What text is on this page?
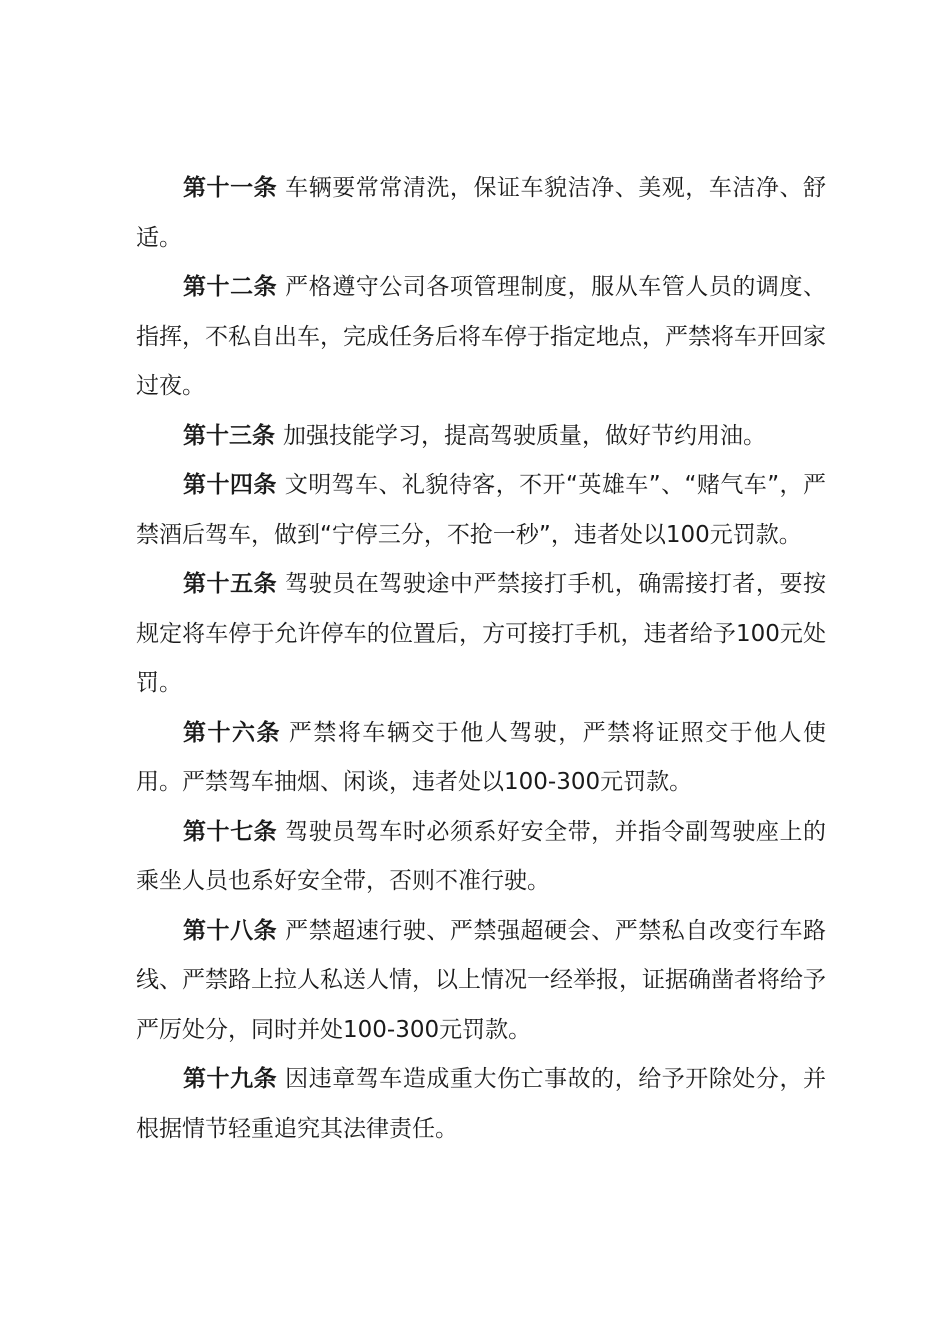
第十一条 车辆要常常清洗，保证车貌洁净、美观，车洁净、舒适。

第十二条 严格遵守公司各项管理制度，服从车管人员的调度、指挥，不私自出车，完成任务后将车停于指定地点，严禁将车开回家过夜。

第十三条 加强技能学习，提高驾驶质量，做好节约用油。

第十四条 文明驾车、礼貌待客，不开“英雄车”、“赌气车”，严禁酒后驾车，做到“宁停三分，不抢一秒”，违者处以100元罚款。

第十五条 驾驶员在驾驶途中严禁接打手机，确需接打者，要按规定将车停于允许停车的位置后，方可接打手机，违者给予100元处罚。

第十六条 严禁将车辆交于他人驾驶，严禁将证照交于他人使用。严禁驾车抽烟、闲谈，违者处以100-300元罚款。

第十七条 驾驶员驾车时必须系好安全带，并指令副驾驶座上的乘坐人员也系好安全带，否则不准行驶。

第十八条 严禁超速行驶、严禁强超硬会、严禁私自改变行车路线、严禁路上拉人私送人情，以上情况一经举报，证据确凿者将给予严厉处分，同时并处100-300元罚款。

第十九条 因违章驾车造成重大伤亡事故的，给予开除处分，并根据情节轻重追究其法律责任。
